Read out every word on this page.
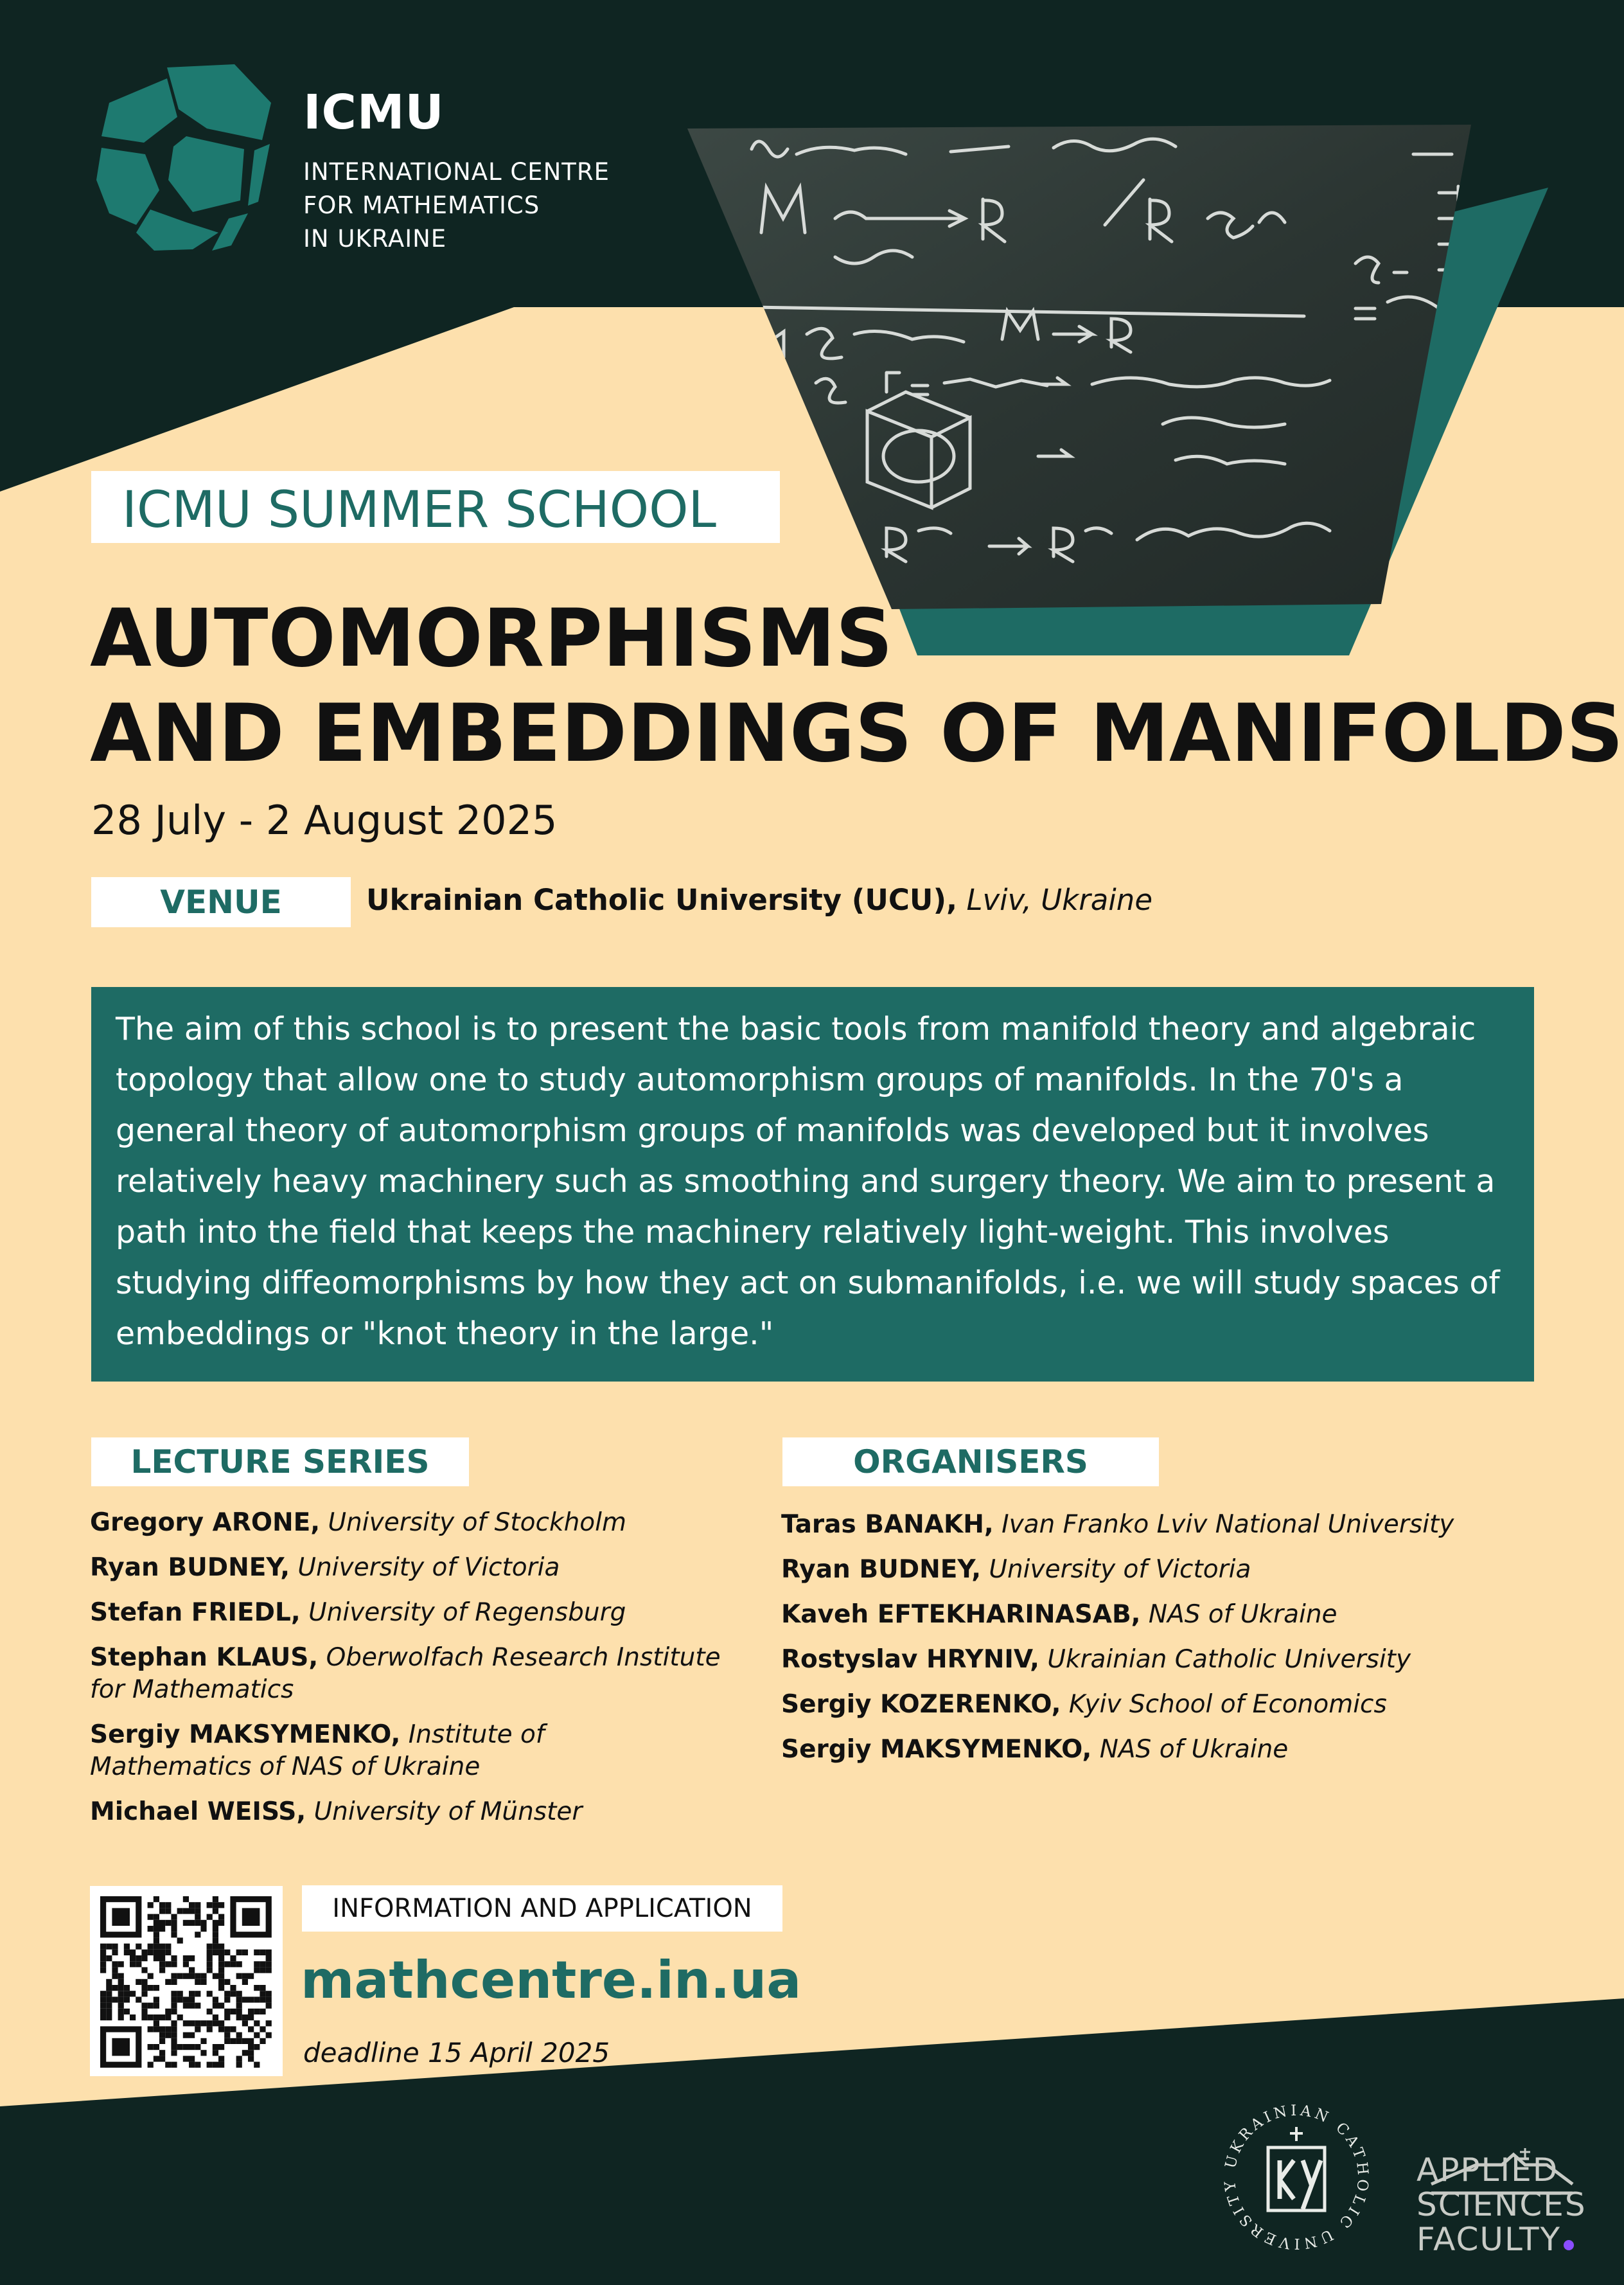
ICMU
INTERNATIONAL CENTRE
FOR MATHEMATICS
IN UKRAINE
ICMU SUMMER SCHOOL
AUTOMORPHISMS
AND EMBEDDINGS OF MANIFOLDS
28 July - 2 August 2025
VENUE	Ukrainian Catholic University (UCU), Lviv, Ukraine

The aim of this school is to present the basic tools from manifold theory and algebraic topology that allow one to study automorphism groups of manifolds. In the 70's a general theory of automorphism groups of manifolds was developed but it involves relatively heavy machinery such as smoothing and surgery theory. We aim to present a path into the field that keeps the machinery relatively light-weight. This involves studying diffeomorphisms by how they act on submanifolds, i.e. we will study spaces of embeddings or "knot theory in the large."

LECTURE SERIES	ORGANISERS
Gregory ARONE, University of Stockholm
Ryan BUDNEY, University of Victoria
Stefan FRIEDL, University of Regensburg
Stephan KLAUS, Oberwolfach Research Institute for Mathematics
Sergiy MAKSYMENKO, Institute of Mathematics of NAS of Ukraine
Michael WEISS, University of Münster
Taras BANAKH, Ivan Franko Lviv National University
Ryan BUDNEY, University of Victoria
Kaveh EFTEKHARINASAB, NAS of Ukraine
Rostyslav HRYNIV, Ukrainian Catholic University
Sergiy KOZERENKO, Kyiv School of Economics
Sergiy MAKSYMENKO, NAS of Ukraine
INFORMATION AND APPLICATION
mathcentre.in.ua
deadline 15 April 2025
UKRAINIAN CATHOLIC UNIVERSITY	APPLIED
SCIENCES
FACULTY
